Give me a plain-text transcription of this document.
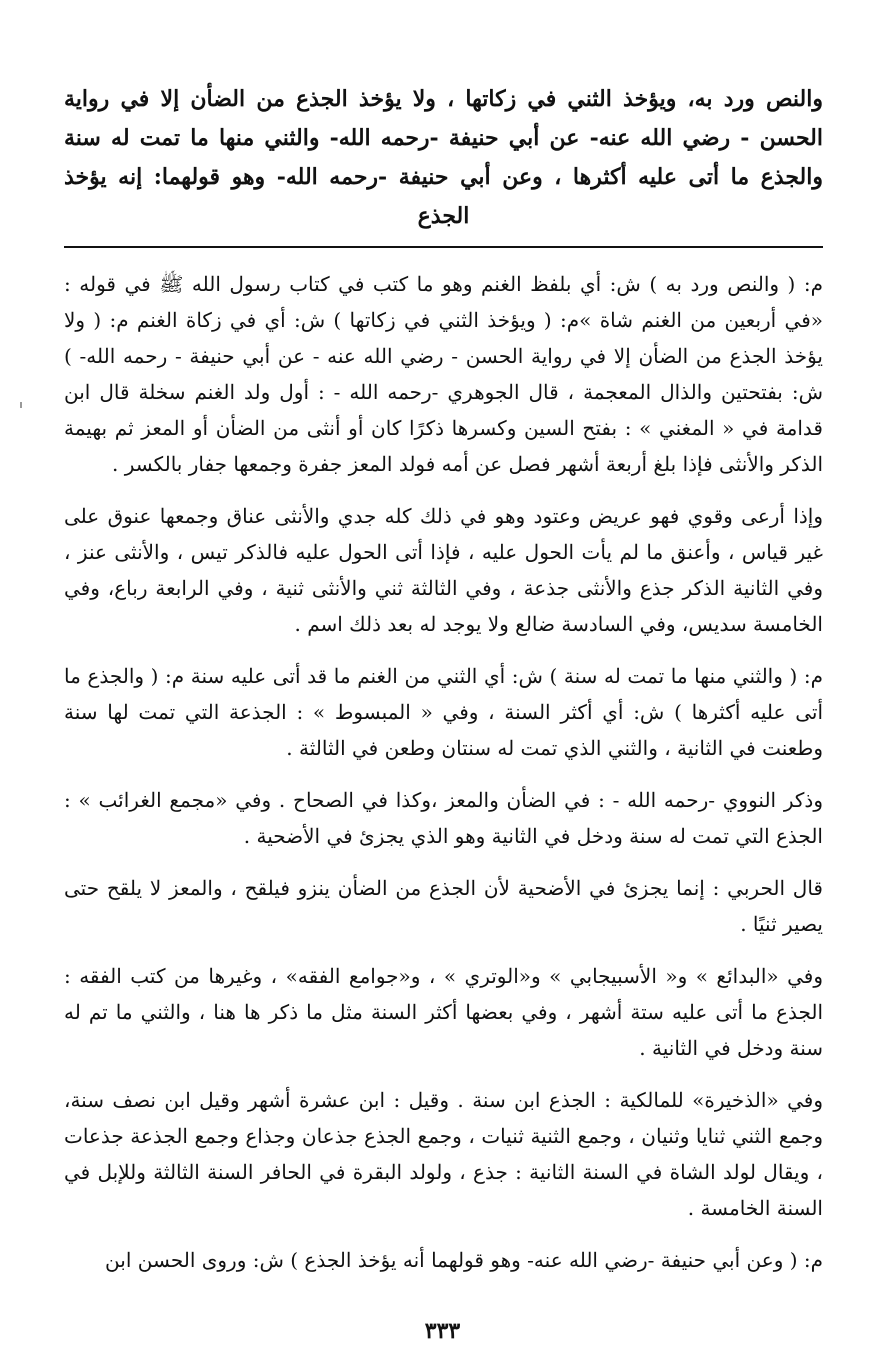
والنص ورد به، ويؤخذ الثني في زكاتها ، ولا يؤخذ الجذع من الضأن إلا في رواية الحسن - رضي الله عنه- عن أبي حنيفة -رحمه الله- والثني منها ما تمت له سنة والجذع ما أتى عليه أكثرها ، وعن أبي حنيفة -رحمه الله- وهو قولهما: إنه يؤخذ الجذع

م: ( والنص ورد به ) ش: أي بلفظ الغنم وهو ما كتب في كتاب رسول الله ﷺ في قوله : «في أربعين من الغنم شاة »م: ( ويؤخذ الثني في زكاتها ) ش: أي في زكاة الغنم م: ( ولا يؤخذ الجذع من الضأن إلا في رواية الحسن - رضي الله عنه - عن أبي حنيفة - رحمه الله- ) ش: بفتحتين والذال المعجمة ، قال الجوهري -رحمه الله - : أول ولد الغنم سخلة قال ابن قدامة في « المغني » : بفتح السين وكسرها ذكرًا كان أو أنثى من الضأن أو المعز ثم بهيمة الذكر والأنثى فإذا بلغ أربعة أشهر فصل عن أمه فولد المعز جفرة وجمعها جفار بالكسر .

وإذا أرعى وقوي فهو عريض وعتود وهو في ذلك كله جدي والأنثى عناق وجمعها عنوق على غير قياس ، وأعنق ما لم يأت الحول عليه ، فإذا أتى الحول عليه فالذكر تيس ، والأنثى عنز ، وفي الثانية الذكر جذع والأنثى جذعة ، وفي الثالثة ثني والأنثى ثنية ، وفي الرابعة رباع، وفي الخامسة سديس، وفي السادسة ضالع ولا يوجد له بعد ذلك اسم .

م: ( والثني منها ما تمت له سنة ) ش: أي الثني من الغنم ما قد أتى عليه سنة م: ( والجذع ما أتى عليه أكثرها ) ش: أي أكثر السنة ، وفي « المبسوط » : الجذعة التي تمت لها سنة وطعنت في الثانية ، والثني الذي تمت له سنتان وطعن في الثالثة .

وذكر النووي -رحمه الله - : في الضأن والمعز ،وكذا في الصحاح . وفي «مجمع الغرائب » : الجذع التي تمت له سنة ودخل في الثانية وهو الذي يجزئ في الأضحية .

قال الحربي : إنما يجزئ في الأضحية لأن الجذع من الضأن ينزو فيلقح ، والمعز لا يلقح حتى يصير ثنيًا .

وفي «البدائع » و« الأسبيجابي » و«الوتري » ، و«جوامع الفقه» ، وغيرها من كتب الفقه : الجذع ما أتى عليه ستة أشهر ، وفي بعضها أكثر السنة مثل ما ذكر ها هنا ، والثني ما تم له سنة ودخل في الثانية .

وفي «الذخيرة» للمالكية : الجذع ابن سنة . وقيل : ابن عشرة أشهر وقيل ابن نصف سنة، وجمع الثني ثنايا وثنيان ، وجمع الثنية ثنيات ، وجمع الجذع جذعان وجذاع وجمع الجذعة جذعات ، ويقال لولد الشاة في السنة الثانية : جذع ، ولولد البقرة في الحافر السنة الثالثة وللإبل في السنة الخامسة .

م: ( وعن أبي حنيفة -رضي الله عنه- وهو قولهما أنه يؤخذ الجذع ) ش: وروى الحسن ابن

٣٣٣
